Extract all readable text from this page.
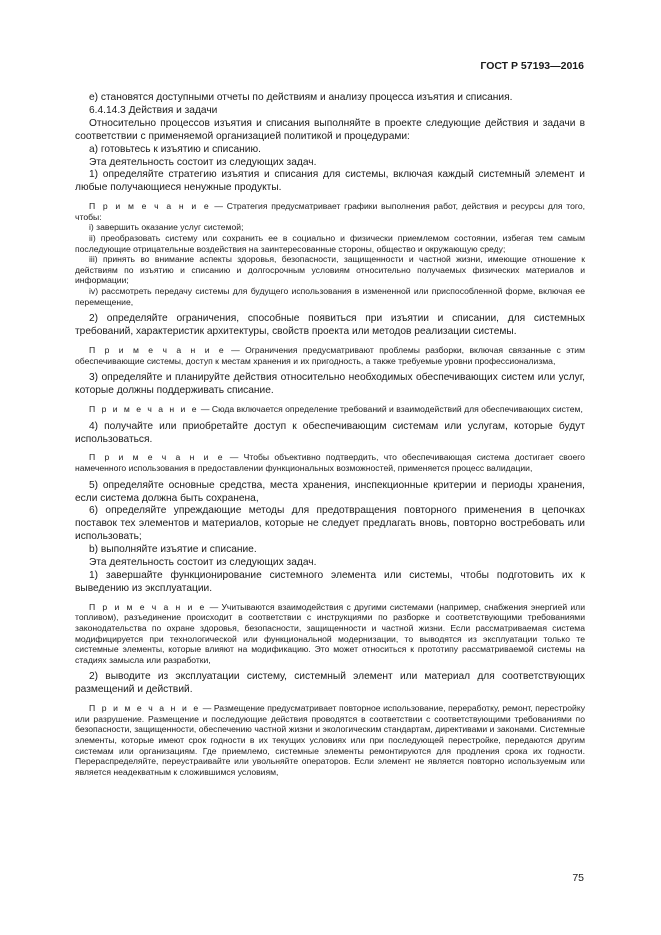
ГОСТ Р 57193—2016

e) становятся доступными отчеты по действиям и анализу процесса изъятия и списания.

6.4.14.3 Действия и задачи

Относительно процессов изъятия и списания выполняйте в проекте следующие действия и задачи в соответствии с применяемой организацией политикой и процедурами:

а) готовьтесь к изъятию и списанию.

Эта деятельность состоит из следующих задач.

1) определяйте стратегию изъятия и списания для системы, включая каждый системный элемент и любые получающиеся ненужные продукты.

П р и м е ч а н и е — Стратегия предусматривает графики выполнения работ, действия и ресурсы для того, чтобы:

i) завершить оказание услуг системой;

ii) преобразовать систему или сохранить ее в социально и физически приемлемом состоянии, избегая тем самым последующие отрицательные воздействия на заинтересованные стороны, общество и окружающую среду;

iii) принять во внимание аспекты здоровья, безопасности, защищенности и частной жизни, имеющие отношение к действиям по изъятию и списанию и долгосрочным условиям относительно получаемых физических материалов и информации;

iv) рассмотреть передачу системы для будущего использования в измененной или приспособленной форме, включая ее перемещение,

2) определяйте ограничения, способные появиться при изъятии и списании, для системных требований, характеристик архитектуры, свойств проекта или методов реализации системы.

П р и м е ч а н и е — Ограничения предусматривают проблемы разборки, включая связанные с этим обеспечивающие системы, доступ к местам хранения и их пригодность, а также требуемые уровни профессионализма,

3) определяйте и планируйте действия относительно необходимых обеспечивающих систем или услуг, которые должны поддерживать списание.

П р и м е ч а н и е — Сюда включается определение требований и взаимодействий для обеспечивающих систем,

4) получайте или приобретайте доступ к обеспечивающим системам или услугам, которые будут использоваться.

П р и м е ч а н и е — Чтобы объективно подтвердить, что обеспечивающая система достигает своего намеченного использования в предоставлении функциональных возможностей, применяется процесс валидации,

5) определяйте основные средства, места хранения, инспекционные критерии и периоды хранения, если система должна быть сохранена,

6) определяйте упреждающие методы для предотвращения повторного применения в цепочках поставок тех элементов и материалов, которые не следует предлагать вновь, повторно востребовать или использовать;

b) выполняйте изъятие и списание.

Эта деятельность состоит из следующих задач.

1) завершайте функционирование системного элемента или системы, чтобы подготовить их к выведению из эксплуатации.

П р и м е ч а н и е — Учитываются взаимодействия с другими системами (например, снабжения энергией или топливом), разъединение происходит в соответствии с инструкциями по разборке и соответствующими требованиями законодательства по охране здоровья, безопасности, защищенности и частной жизни. Если рассматриваемая система модифицируется при технологической или функциональной модернизации, то выводятся из эксплуатации только те системные элементы, которые влияют на модификацию. Это может относиться к прототипу рассматриваемой системы на стадиях замысла или разработки,

2) выводите из эксплуатации систему, системный элемент или материал для соответствующих размещений и действий.

П р и м е ч а н и е — Размещение предусматривает повторное использование, переработку, ремонт, перестройку или разрушение. Размещение и последующие действия проводятся в соответствии с соответствующими требованиями по безопасности, защищенности, обеспечению частной жизни и экологическим стандартам, директивами и законами. Системные элементы, которые имеют срок годности в их текущих условиях или при последующей перестройке, передаются другим системам или организациям. Где приемлемо, системные элементы ремонтируются для продления срока их годности. Перераспределяйте, переустраивайте или увольняйте операторов. Если элемент не является повторно используемым или является неадекватным к сложившимся условиям,

75
